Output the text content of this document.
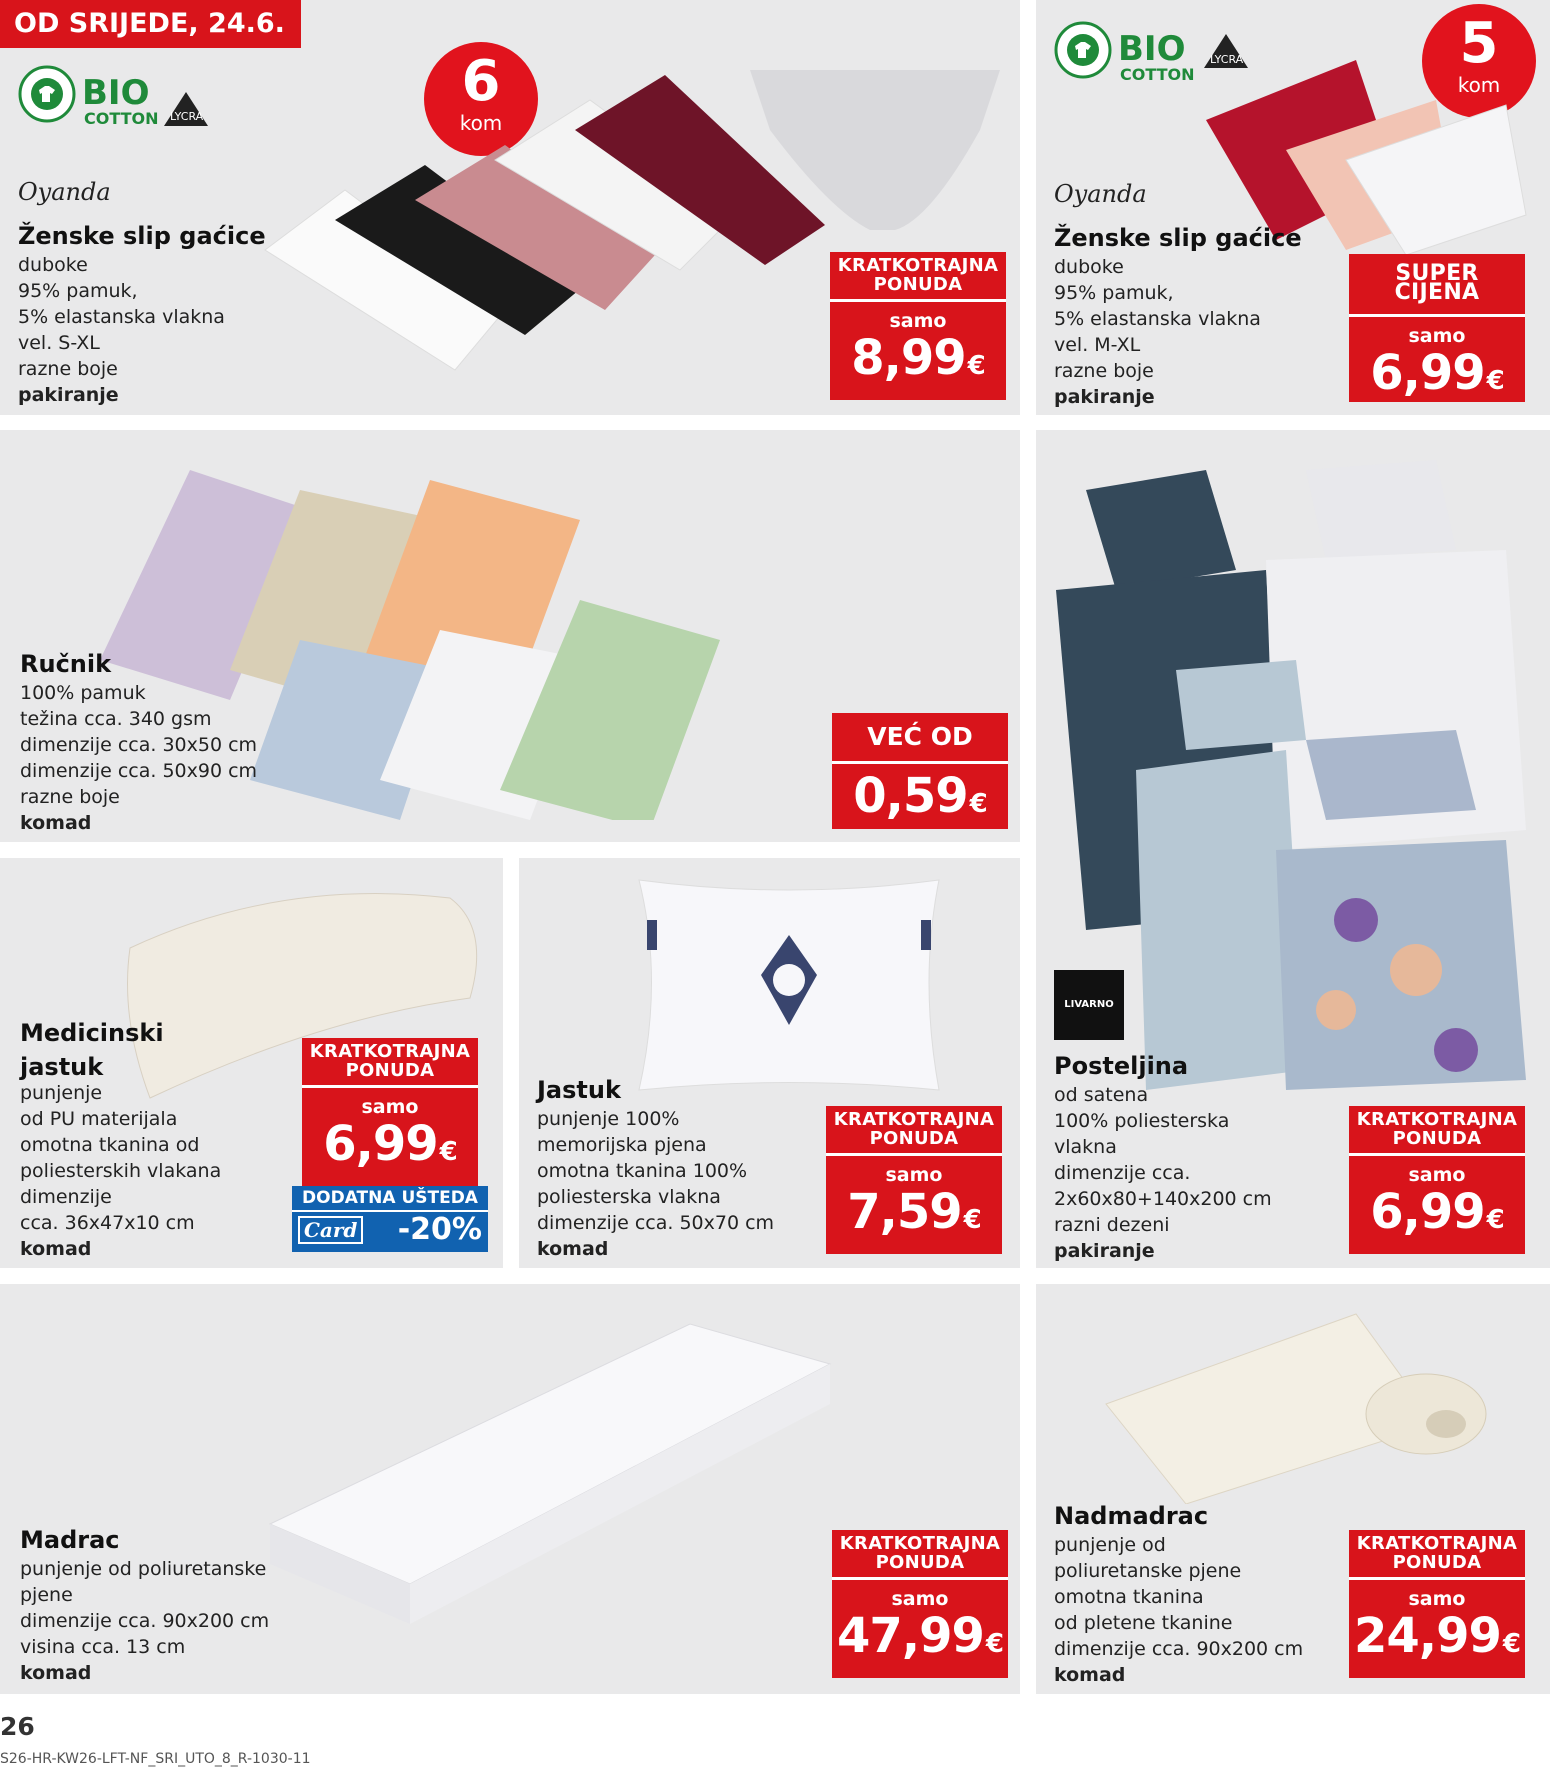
OD SRIJEDE, 24.6.
BIO
COTTON LYCRA
6
kom
Oyanda
Ženske slip gaćice
duboke
95% pamuk,
5% elastanska vlakna
vel. S-XL
razne boje
pakiranje
KRATKOTRAJNA
PONUDA
samo
8,99€
BIO
COTTON
LYCRA	5
kom
Oyanda
Ženske slip gaćice
duboke
95% pamuk,
5% elastanska vlakna
vel. M-XL
razne boje
pakiranje
SUPER CIJENA
samo
6,99€
Ručnik
100% pamuk
težina cca. 340 gsm
dimenzije cca. 30x50 cm
dimenzije cca. 50x90 cm
razne boje
komad
VEĆ OD
0,59€
LIVARNO
Posteljina
od satena
100% poliesterska
vlakna
dimenzije cca.
2x60x80+140x200 cm
razni dezeni
pakiranje
KRATKOTRAJNA
PONUDA
samo
6,99€
Medicinski
jastuk
punjenje
od PU materijala
omotna tkanina od
poliesterskih vlakana
dimenzije
cca. 36x47x10 cm
komad
KRATKOTRAJNA
PONUDA
samo
6,99€
DODATNA UŠTEDA
Card -20%
Jastuk
punjenje 100%
memorijska pjena
omotna tkanina 100%
poliesterska vlakna
dimenzije cca. 50x70 cm
komad
KRATKOTRAJNA
PONUDA
samo
7,59€
Madrac
punjenje od poliuretanske
pjene
dimenzije cca. 90x200 cm
visina cca. 13 cm
komad
KRATKOTRAJNA
PONUDA
samo
47,99€
Nadmadrac
punjenje od
poliuretanske pjene
omotna tkanina
od pletene tkanine
dimenzije cca. 90x200 cm
komad
KRATKOTRAJNA
PONUDA
samo
24,99€
26
S26-HR-KW26-LFT-NF_SRI_UTO_8_R-1030-11
